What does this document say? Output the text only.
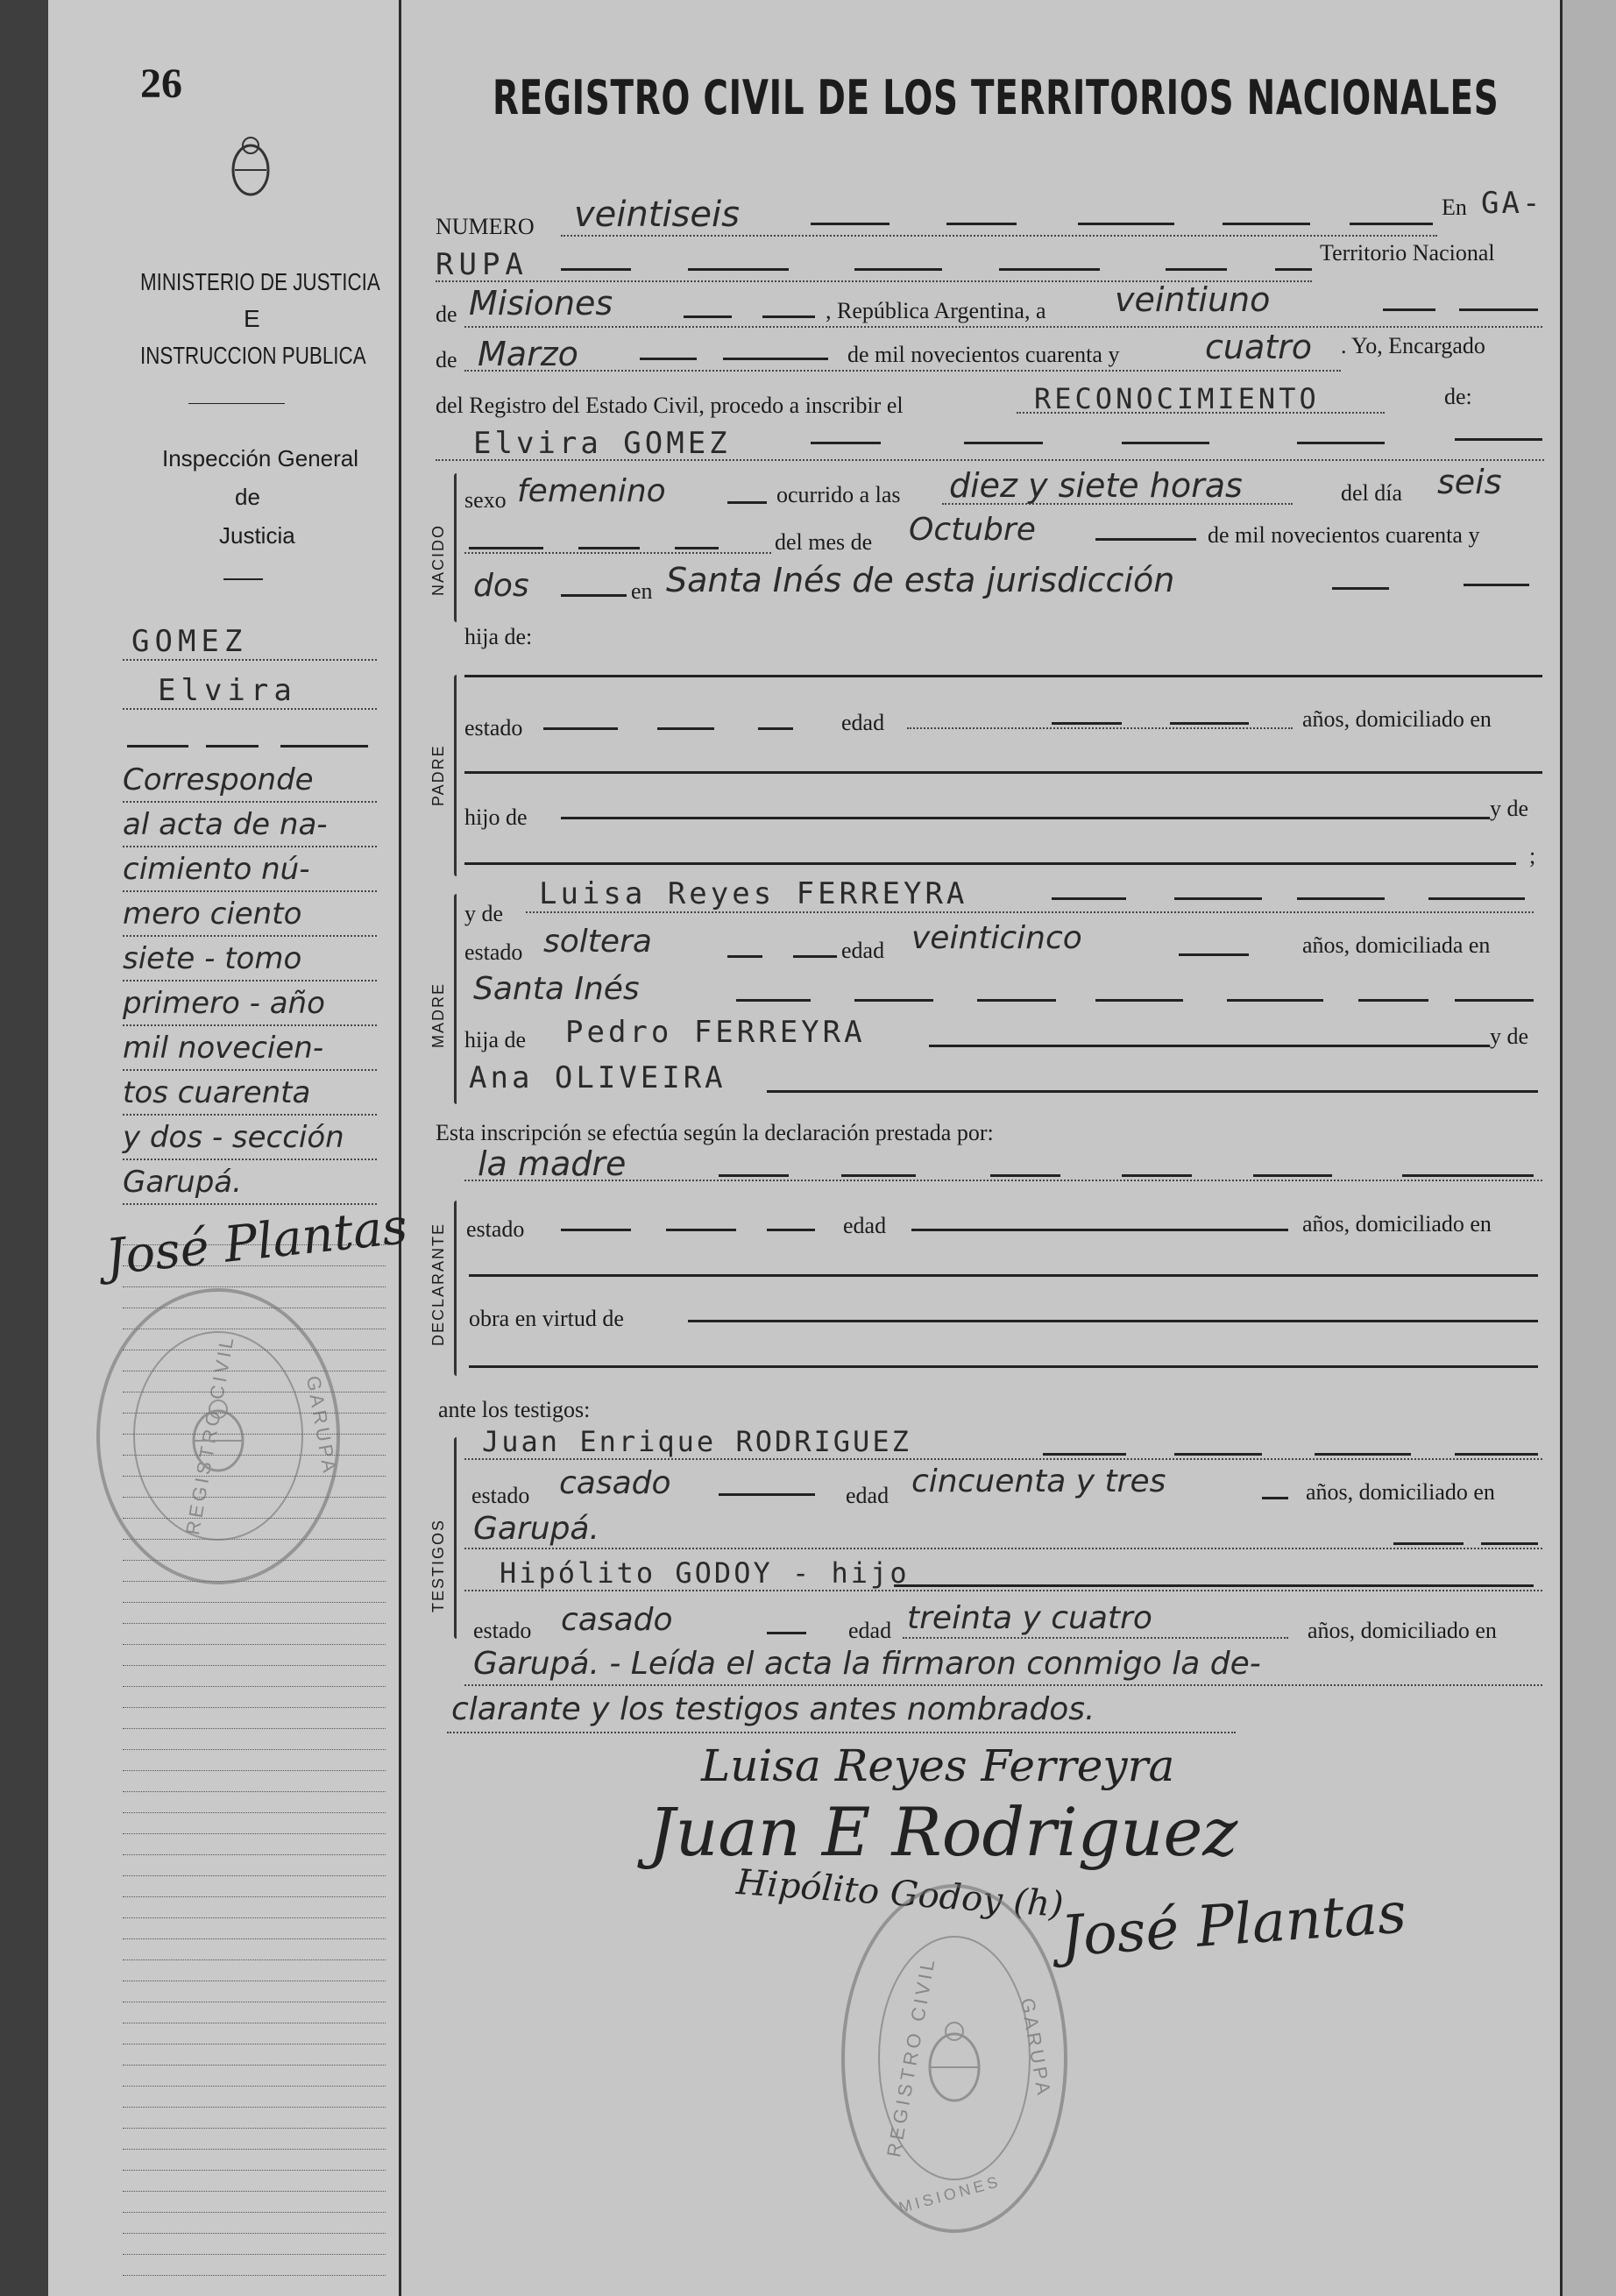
26
MINISTERIO DE JUSTICIA
E
INSTRUCCION PUBLICA
Inspección General
de
Justicia
GOMEZ
Elvira
Corresponde
al acta de na-
cimiento nú-
mero ciento
siete - tomo
primero - año
mil novecien-
tos cuarenta
y dos - sección
Garupá.
José Plantas
REGISTRO CIVIL	GARUPA
REGISTRO CIVIL DE LOS TERRITORIOS NACIONALES
NUMERO veintiseis	En GA-
RUPA	Territorio Nacional
de Misiones	, República Argentina, a veintiuno
de Marzo	de mil novecientos cuarenta y	cuatro . Yo, Encargado
del Registro del Estado Civil, procedo a inscribir el	RECONOCIMIENTO	de:
Elvira GOMEZ
NACIDO
sexo femenino	ocurrido a las diez y siete horas	del día seis
del mes de Octubre	de mil novecientos cuarenta y
dos	en Santa Inés de esta jurisdicción
hija de:
PADRE
estado	edad	años, domiciliado en
hijo de	y de
;
MADRE
y de
Luisa Reyes FERREYRA
estado soltera	edad veinticinco	años, domiciliada en
Santa Inés
hija de Pedro FERREYRA	y de
Ana OLIVEIRA
Esta inscripción se efectúa según la declaración prestada por:
la madre
DECLARANTE estado	edad	años, domiciliado en
obra en virtud de
ante los testigos:
TESTIGOS
Juan Enrique RODRIGUEZ
estado casado	edad cincuenta y tres	años, domiciliado en
Garupá.
Hipólito GODOY - hijo
estado casado	edad treinta y cuatro	años, domiciliado en
Garupá. - Leída el acta la firmaron conmigo la de-
clarante y los testigos antes nombrados.
Luisa Reyes Ferreyra
Juan E Rodriguez
Hipólito Godoy (h)
José Plantas
REGISTRO CIVIL	GARUPA
MISIONES
